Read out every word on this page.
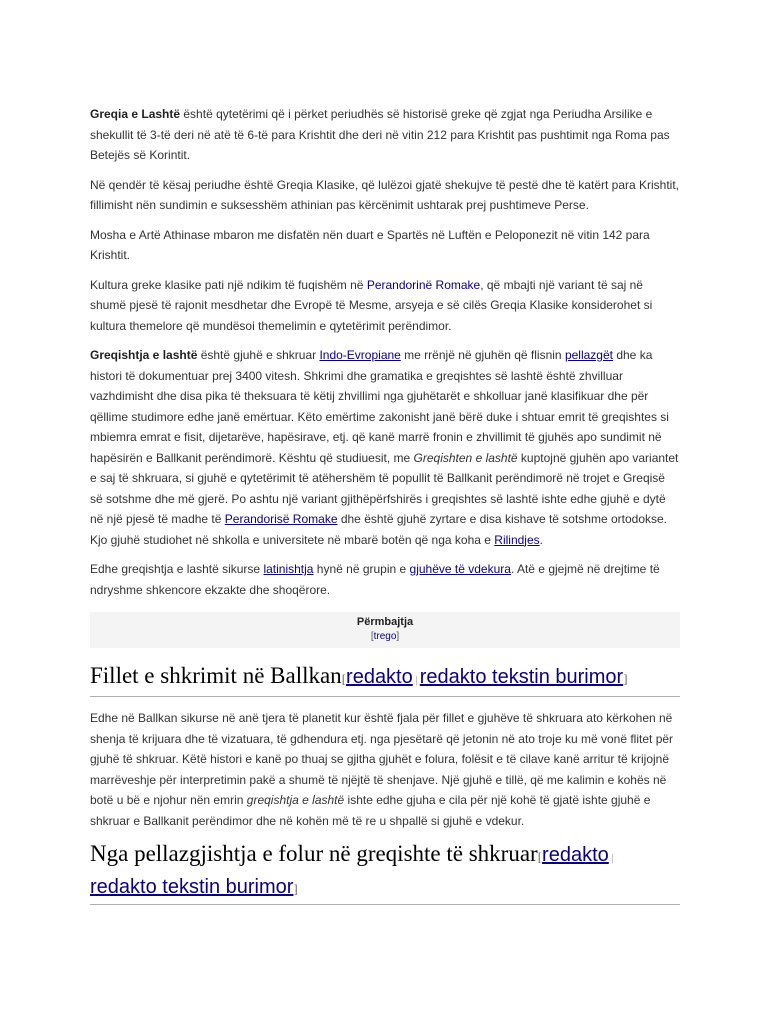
Greqia e Lashtë është qytetërimi që i përket periudhës së historisë greke që zgjat nga Periudha Arsilike e shekullit të 3-të deri në atë të 6-të para Krishtit dhe deri në vitin 212 para Krishtit pas pushtimit nga Roma pas Betejës së Korintit.

Në qendër të kësaj periudhe është Greqia Klasike, që lulëzoi gjatë shekujve të pestë dhe të katërt para Krishtit, fillimisht nën sundimin e suksesshëm athinian pas kërcënimit ushtarak prej pushtimeve Perse.

Mosha e Artë Athinase mbaron me disfatën nën duart e Spartës në Luftën e Peloponezit në vitin 142 para Krishtit.

Kultura greke klasike pati një ndikim të fuqishëm në Perandorinë Romake, që mbajti një variant të saj në shumë pjesë të rajonit mesdhetar dhe Evropë të Mesme, arsyeja e së cilës Greqia Klasike konsiderohet si kultura themelore që mundësoi themelimin e qytetërimit perëndimor.

Greqishtja e lashtë është gjuhë e shkruar Indo-Evropiane me rrënjë në gjuhën që flisnin pellazgët dhe ka histori të dokumentuar prej 3400 vitesh. Shkrimi dhe gramatika e greqishtes së lashtë është zhvilluar vazhdimisht dhe disa pika të theksuara të këtij zhvillimi nga gjuhëtarët e shkolluar janë klasifikuar dhe për qëllime studimore edhe janë emërtuar. Këto emërtime zakonisht janë bërë duke i shtuar emrit të greqishtes si mbiemra emrat e fisit, dijetarëve, hapësirave, etj. që kanë marrë fronin e zhvillimit të gjuhës apo sundimit në hapësirën e Ballkanit perëndimorë. Kështu që studiuesit, me Greqishten e lashtë kuptojnë gjuhën apo variantet e saj të shkruara, si gjuhë e qytetërimit të atëhershëm të popullit të Ballkanit perëndimorë në trojet e Greqisë së sotshme dhe më gjerë. Po ashtu një variant gjithëpërfshirës i greqishtes së lashtë ishte edhe gjuhë e dytë në një pjesë të madhe të Perandorisë Romake dhe është gjuhë zyrtare e disa kishave të sotshme ortodokse. Kjo gjuhë studiohet në shkolla e universitete në mbarë botën që nga koha e Rilindjes.

Edhe greqishtja e lashtë sikurse latinishtja hynë në grupin e gjuhëve të vdekura. Atë e gjejmë në drejtime të ndryshme shkencore ekzakte dhe shoqërore.

Përmbajtja
[trego]
Fillet e shkrimit në Ballkan[redakto | redakto tekstin burimor]

Edhe në Ballkan sikurse në anë tjera të planetit kur është fjala për fillet e gjuhëve të shkruara ato kërkohen në shenja të krijuara dhe të vizatuara, të gdhendura etj. nga pjesëtarë që jetonin në ato troje ku më vonë flitet për gjuhë të shkruar. Këtë histori e kanë po thuaj se gjitha gjuhët e folura, folësit e të cilave kanë arritur të krijojnë marrëveshje për interpretimin pakë a shumë të njëjtë të shenjave. Një gjuhë e tillë, që me kalimin e kohës në botë u bë e njohur nën emrin greqishtja e lashtë ishte edhe gjuha e cila për një kohë të gjatë ishte gjuhë e shkruar e Ballkanit perëndimor dhe në kohën më të re u shpallë si gjuhë e vdekur.

Nga pellazgjishtja e folur në greqishte të shkruar[redakto | redakto tekstin burimor]
